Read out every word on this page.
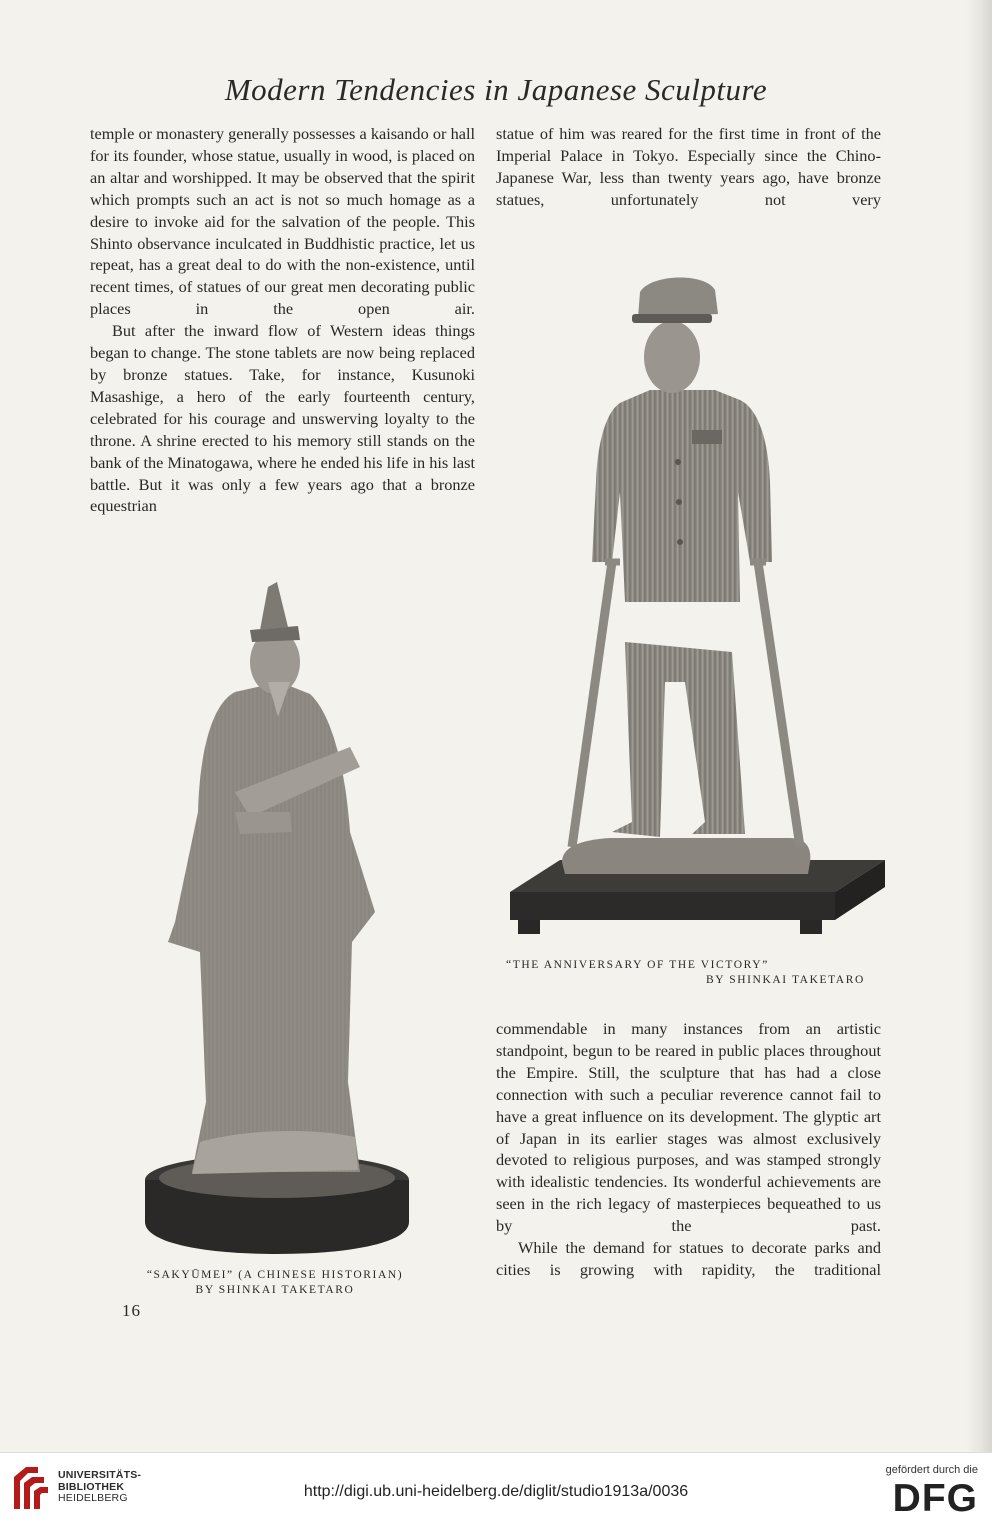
Modern Tendencies in Japanese Sculpture

temple or monastery generally possesses a kaisando or hall for its founder, whose statue, usually in wood, is placed on an altar and worshipped. It may be observed that the spirit which prompts such an act is not so much homage as a desire to invoke aid for the salvation of the people. This Shinto observance inculcated in Buddhistic practice, let us repeat, has a great deal to do with the non-existence, until recent times, of statues of our great men decorating public places in the open air.

But after the inward flow of Western ideas things began to change. The stone tablets are now being replaced by bronze statues. Take, for instance, Kusunoki Masashige, a hero of the early fourteenth century, celebrated for his courage and unswerving loyalty to the throne. A shrine erected to his memory still stands on the bank of the Minatogawa, where he ended his life in his last battle. But it was only a few years ago that a bronze equestrian

statue of him was reared for the first time in front of the Imperial Palace in Tokyo. Especially since the Chino-Japanese War, less than twenty years ago, have bronze statues, unfortunately not very

“THE ANNIVERSARY OF THE VICTORY”
BY SHINKAI TAKETARO

commendable in many instances from an artistic standpoint, begun to be reared in public places throughout the Empire. Still, the sculpture that has had a close connection with such a peculiar reverence cannot fail to have a great influence on its development. The glyptic art of Japan in its earlier stages was almost exclusively devoted to religious purposes, and was stamped strongly with idealistic tendencies. Its wonderful achievements are seen in the rich legacy of masterpieces bequeathed to us by the past.

While the demand for statues to decorate parks and cities is growing with rapidity, the traditional

“SAKYŪMEI” (A CHINESE HISTORIAN)
BY SHINKAI TAKETARO
16
UNIVERSITÄTS-
BIBLIOTHEK
HEIDELBERG	http://digi.ub.uni-heidelberg.de/diglit/studio1913a/0036
gefördert durch die
DFG
